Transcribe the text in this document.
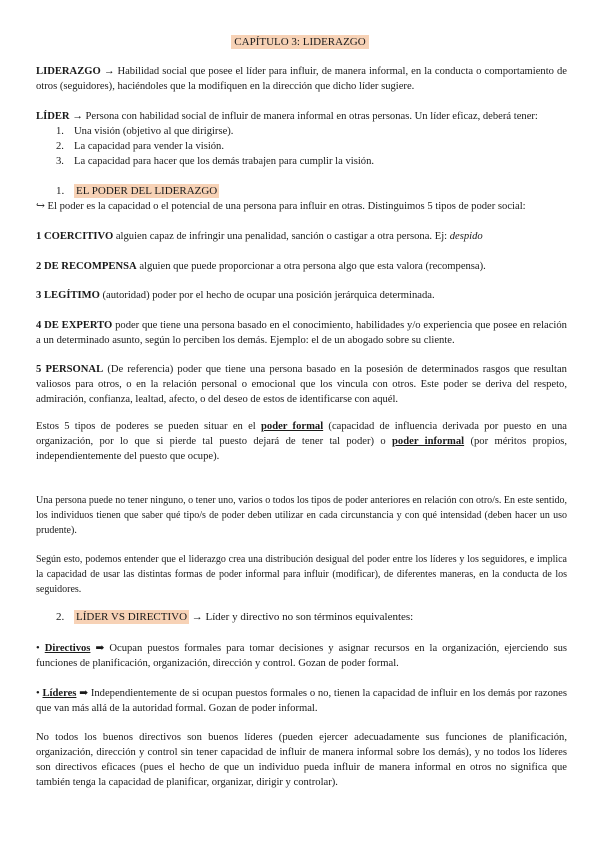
CAPÍTULO 3: LIDERAZGO

LIDERAZGO → Habilidad social que posee el líder para influir, de manera informal, en la conducta o comportamiento de otros (seguidores), haciéndoles que la modifiquen en la dirección que dicho líder sugiere.

LÍDER → Persona con habilidad social de influir de manera informal en otras personas. Un líder eficaz, deberá tener:

1. Una visión (objetivo al que dirigirse).
2. La capacidad para vender la visión.
3. La capacidad para hacer que los demás trabajen para cumplir la visión.

1. EL PODER DEL LIDERAZGO

↪ El poder es la capacidad o el potencial de una persona para influir en otras. Distinguimos 5 tipos de poder social:

1 COERCITIVO alguien capaz de infringir una penalidad, sanción o castigar a otra persona. Ej: despido

2 DE RECOMPENSA alguien que puede proporcionar a otra persona algo que esta valora (recompensa).

3 LEGÍTIMO (autoridad) poder por el hecho de ocupar una posición jerárquica determinada.

4 DE EXPERTO poder que tiene una persona basado en el conocimiento, habilidades y/o experiencia que posee en relación a un determinado asunto, según lo perciben los demás. Ejemplo: el de un abogado sobre su cliente.

5 PERSONAL (De referencia) poder que tiene una persona basado en la posesión de determinados rasgos que resultan valiosos para otros, o en la relación personal o emocional que los vincula con otros. Este poder se deriva del respeto, admiración, confianza, lealtad, afecto, o del deseo de estos de identificarse con aquél.

Estos 5 tipos de poderes se pueden situar en el poder formal (capacidad de influencia derivada por puesto en una organización, por lo que si pierde tal puesto dejará de tener tal poder) o poder informal (por méritos propios, independientemente del puesto que ocupe).

Una persona puede no tener ninguno, o tener uno, varios o todos los tipos de poder anteriores en relación con otro/s. En este sentido, los individuos tienen que saber qué tipo/s de poder deben utilizar en cada circunstancia y con qué intensidad (deben hacer un uso prudente).

Según esto, podemos entender que el liderazgo crea una distribución desigual del poder entre los líderes y los seguidores, e implica la capacidad de usar las distintas formas de poder informal para influir (modificar), de diferentes maneras, en la conducta de los seguidores.

2. LÍDER VS DIRECTIVO → Líder y directivo no son términos equivalentes:

• Directivos ➡ Ocupan puestos formales para tomar decisiones y asignar recursos en la organización, ejerciendo sus funciones de planificación, organización, dirección y control. Gozan de poder formal.

• Líderes ➡ Independientemente de si ocupan puestos formales o no, tienen la capacidad de influir en los demás por razones que van más allá de la autoridad formal. Gozan de poder informal.

No todos los buenos directivos son buenos líderes (pueden ejercer adecuadamente sus funciones de planificación, organización, dirección y control sin tener capacidad de influir de manera informal sobre los demás), y no todos los líderes son directivos eficaces (pues el hecho de que un individuo pueda influir de manera informal en otros no significa que también tenga la capacidad de planificar, organizar, dirigir y controlar).
